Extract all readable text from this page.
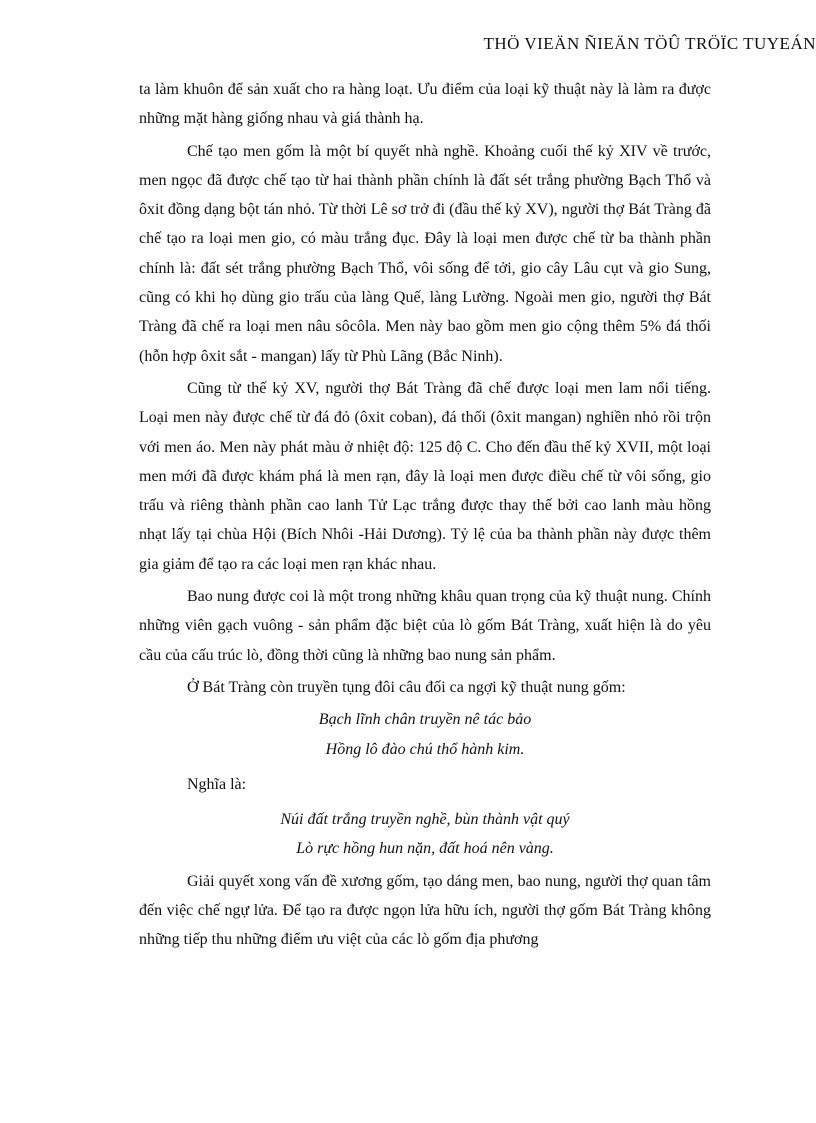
THÖ VIEÄN ÑIEÄN TÖÛ TRÖÏC TUYEÁN

ta làm khuôn để sản xuất cho ra hàng loạt. Ưu điểm của loại kỹ thuật này là làm ra được những mặt hàng giống nhau và giá thành hạ.

Chế tạo men gốm là một bí quyết nhà nghề. Khoảng cuối thế kỷ XIV về trước, men ngọc đã được chế tạo từ hai thành phần chính là đất sét trắng phường Bạch Thổ và ôxit đồng dạng bột tán nhỏ. Từ thời Lê sơ trở đi (đầu thế kỷ XV), người thợ Bát Tràng đã chế tạo ra loại men gio, có màu trắng đục. Đây là loại men được chế từ ba thành phần chính là: đất sét trắng phường Bạch Thổ, vôi sống để tởi, gio cây Lâu cụt và gio Sung, cũng có khi họ dùng gio trấu của làng Quế, làng Lường. Ngoài men gio, người thợ Bát Tràng đã chế ra loại men nâu sôcôla. Men này bao gồm men gio cộng thêm 5% đá thối (hỗn hợp ôxit sắt - mangan) lấy từ Phù Lãng (Bắc Ninh).

Cũng từ thế kỷ XV, người thợ Bát Tràng đã chế được loại men lam nổi tiếng. Loại men này được chế từ đá đỏ (ôxit coban), đá thối (ôxit mangan) nghiền nhỏ rồi trộn với men áo. Men này phát màu ở nhiệt độ: 125 độ C. Cho đến đầu thế kỷ XVII, một loại men mới đã được khám phá là men rạn, đây là loại men được điều chế từ vôi sống, gio trấu và riêng thành phần cao lanh Tử Lạc trắng được thay thế bởi cao lanh màu hồng nhạt lấy tại chùa Hội (Bích Nhôi -Hải Dương). Tỷ lệ của ba thành phần này được thêm gia giảm để tạo ra các loại men rạn khác nhau.

Bao nung được coi là một trong những khâu quan trọng của kỹ thuật nung. Chính những viên gạch vuông - sản phẩm đặc biệt của lò gốm Bát Tràng, xuất hiện là do yêu cầu của cấu trúc lò, đồng thời cũng là những bao nung sản phẩm.

Ở Bát Tràng còn truyền tụng đôi câu đối ca ngợi kỹ thuật nung gốm:

Bạch lĩnh chân truyền nê tác bảo

Hồng lô đào chú thổ hành kim.

Nghĩa là:

Núi đất trắng truyền nghề, bùn thành vật quý

Lò rực hồng hun nặn, đất hoá nên vàng.

Giải quyết xong vấn đề xương gốm, tạo dáng men, bao nung, người thợ quan tâm đến việc chế ngự lửa. Để tạo ra được ngọn lửa hữu ích, người thợ gốm Bát Tràng không những tiếp thu những điểm ưu việt của các lò gốm địa phương
